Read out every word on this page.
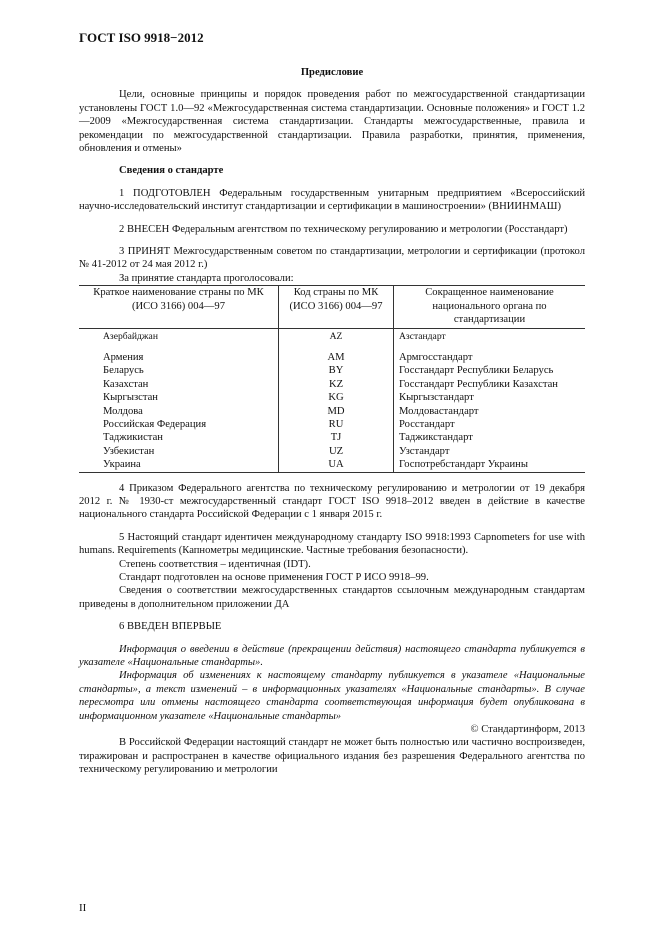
ГОСТ ISO 9918−2012

Предисловие

Цели, основные принципы и порядок проведения работ по межгосударственной стандартизации установлены ГОСТ 1.0—92 «Межгосударственная система стандартизации. Основные положения» и ГОСТ 1.2—2009 «Межгосударственная система стандартизации. Стандарты межгосударственные, правила и рекомендации по межгосударственной стандартизации. Правила разработки, принятия, применения, обновления и отмены»

Сведения о стандарте

1 ПОДГОТОВЛЕН Федеральным государственным унитарным предприятием «Всероссийский научно-исследовательский институт стандартизации и сертификации в машиностроении» (ВНИИНМАШ)

2 ВНЕСЕН Федеральным агентством по техническому регулированию и метрологии (Росстандарт)

3 ПРИНЯТ Межгосударственным советом по стандартизации, метрологии и сертификации (протокол № 41-2012 от 24 мая 2012 г.)

За принятие стандарта проголосовали:

Краткое наименование страны по МК (ИСО 3166) 004—97	Код страны по МК (ИСО 3166) 004—97	Сокращенное наименование национального органа по стандартизации
Азербайджан	AZ	Азстандарт
Армения	AM	Армгосстандарт
Беларусь	BY	Госстандарт Республики Беларусь
Казахстан	KZ	Госстандарт Республики Казахстан
Кыргызстан	KG	Кыргызстандарт
Молдова	MD	Молдовастандарт
Российская Федерация	RU	Росстандарт
Таджикистан	TJ	Таджикстандарт
Узбекистан	UZ	Узстандарт
Украина	UA	Госпотребстандарт Украины

4 Приказом Федерального агентства по техническому регулированию и метрологии от 19 декабря 2012 г. № 1930-ст межгосударственный стандарт ГОСТ ISO 9918–2012 введен в действие в качестве национального стандарта Российской Федерации с 1 января 2015 г.

5 Настоящий стандарт идентичен международному стандарту ISO 9918:1993 Capnometers for use with humans. Requirements (Капнометры медицинские. Частные требования безопасности).

Степень соответствия – идентичная (IDT).

Стандарт подготовлен на основе применения ГОСТ Р ИСО 9918–99.

Сведения о соответствии межгосударственных стандартов ссылочным международным стандартам приведены в дополнительном приложении ДА

6 ВВЕДЕН ВПЕРВЫЕ

Информация о введении в действие (прекращении действия) настоящего стандарта публикуется в указателе «Национальные стандарты».

Информация об изменениях к настоящему стандарту публикуется в указателе «Национальные стандарты», а текст изменений – в информационных указателях «Национальные стандарты». В случае пересмотра или отмены настоящего стандарта соответствующая информация будет опубликована в информационном указателе «Национальные стандарты»

© Стандартинформ, 2013

В Российской Федерации настоящий стандарт не может быть полностью или частично воспроизведен, тиражирован и распространен в качестве официального издания без разрешения Федерального агентства по техническому регулированию и метрологии

II
